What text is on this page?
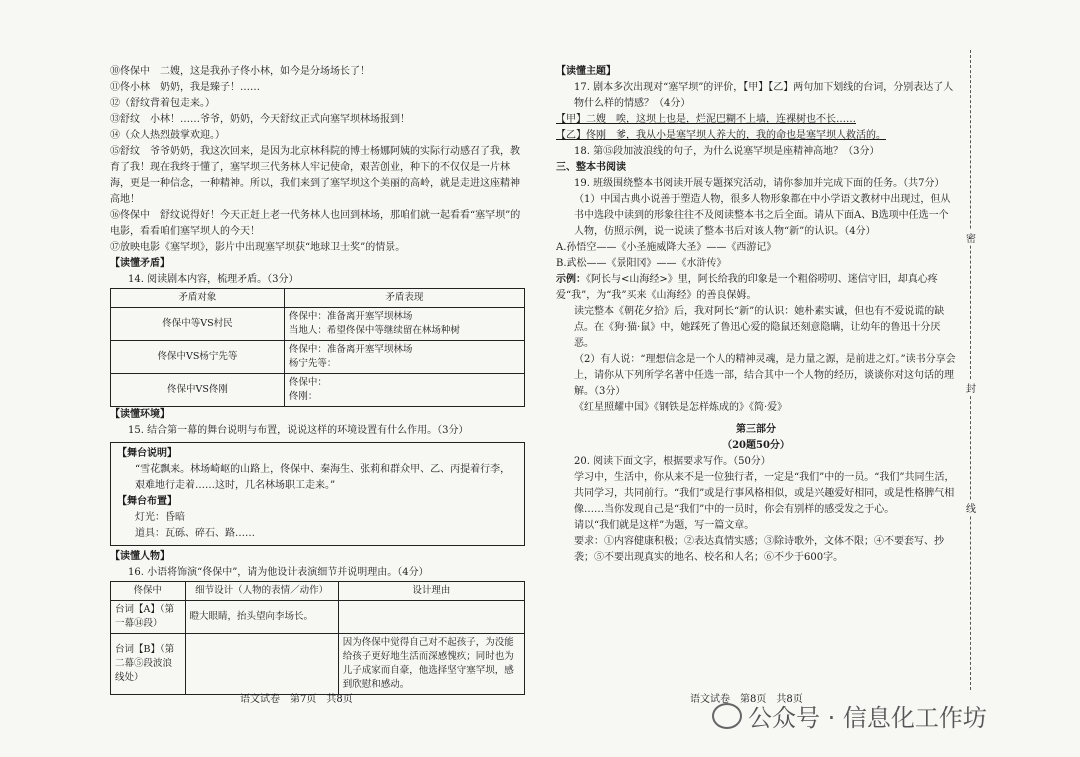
⑩佟保中　二嫂，这是我孙子佟小林，如今是分场场长了！

⑪佟小林　奶奶，我是臻子！……

⑫（舒纹背着包走来。）

⑬舒纹　小林！……爷爷，奶奶，今天舒纹正式向塞罕坝林场报到！

⑭（众人热烈鼓掌欢迎。）

⑮舒纹　爷爷奶奶，我这次回来，是因为北京林科院的博士杨娜阿姨的实际行动感召了我，教育了我！现在我终于懂了，塞罕坝三代务林人牢记使命，艰苦创业，种下的不仅仅是一片林海，更是一种信念，一种精神。所以，我们来到了塞罕坝这个美丽的高岭，就是走进这座精神高地！

⑯佟保中　舒纹说得好！今天正赶上老一代务林人也回到林场，那咱们就一起看看“塞罕坝”的电影，看看咱们塞罕坝人的今天！

⑰放映电影《塞罕坝》，影片中出现塞罕坝获“地球卫士奖”的情景。

【读懂矛盾】

14. 阅读剧本内容，梳理矛盾。（3分）

矛盾对象	矛盾表现
佟保中等VS村民	佟保中：准备离开塞罕坝林场
当地人：希望佟保中等继续留在林场种树

佟保中VS杨宁先等	佟保中：准备离开塞罕坝林场
杨宁先等：

佟保中VS佟刚	佟保中：
佟刚：

【读懂环境】

15. 结合第一幕的舞台说明与布置，说说这样的环境设置有什么作用。（3分）

【舞台说明】

“雪花飘来。林场崎岖的山路上，佟保中、秦海生、张莉和群众甲、乙、丙提着行李，艰难地行走着……这时，几名林场职工走来。”

【舞台布置】

灯光：昏暗

道具：瓦砾、碎石、路……

【读懂人物】

16. 小语将饰演“佟保中”，请为他设计表演细节并说明理由。（4分）

佟保中	细节设计（人物的表情／动作）	设计理由
台词【A】（第一幕⑭段）	瞪大眼睛，抬头望向李场长。	
台词【B】（第二幕⑤段波浪线处）		因为佟保中觉得自己对不起孩子，为没能给孩子更好地生活而深感愧疚；同时也为儿子成家而自豪，他选择坚守塞罕坝，感到欣慰和感动。
语文试卷　第7页　共8页

【读懂主题】

17. 剧本多次出现对“塞罕坝”的评价，【甲】【乙】两句加下划线的台词，分别表达了人物什么样的情感？（4分）

【甲】二嫂　唉，这坝上也是，烂泥巴糊不上墙，连裸树也不长……

【乙】佟刚　爹，我从小是塞罕坝人养大的，我的命也是塞罕坝人救活的。

18. 第⑮段加波浪线的句子，为什么说塞罕坝是座精神高地？（3分）

三、整本书阅读

19. 班级围绕整本书阅读开展专题探究活动，请你参加并完成下面的任务。（共7分）

（1）中国古典小说善于塑造人物，很多人物形象都在中小学语文教材中出现过，但从书中选段中读到的形象往往不及阅读整本书之后全面。请从下面A、B选项中任选一个人物，仿照示例，说一说读了整本书后对该人物“新”的认识。（4分）

A.孙悟空——《小圣施威降大圣》——《西游记》

B.武松——《景阳冈》——《水浒传》

示例：《阿长与<山海经>》里，阿长给我的印象是一个粗俗唠叨、迷信守旧，却真心疼爱“我”，为“我”买来《山海经》的善良保姆。

读完整本《朝花夕拾》后，我对阿长“新”的认识：她朴素实诚，但也有不爱说谎的缺点。在《狗·猫·鼠》中，她踩死了鲁迅心爱的隐鼠还刻意隐瞒，让幼年的鲁迅十分厌恶。

（2）有人说：“理想信念是一个人的精神灵魂，是力量之源，是前进之灯。”读书分享会上，请你从下列所学名著中任选一部，结合其中一个人物的经历，谈谈你对这句话的理解。（3分）

《红星照耀中国》《钢铁是怎样炼成的》《简·爱》

第三部分

（20题50分）

20. 阅读下面文字，根据要求写作。（50分）

学习中，生活中，你从来不是一位独行者，一定是“我们”中的一员。“我们”共同生活，共同学习，共同前行。“我们”或是行事风格相似，或是兴趣爱好相同，或是性格脾气相像……当你发现自己是“我们”中的一员时，你会有别样的感受发之于心。

请以“我们就是这样”为题，写一篇文章。

要求：①内容健康积极；②表达真情实感；③除诗歌外，文体不限；④不要套写、抄袭；⑤不要出现真实的地名、校名和人名；⑥不少于600字。

语文试卷　第8页　共8页
密
封
线
公众号 · 信息化工作坊
